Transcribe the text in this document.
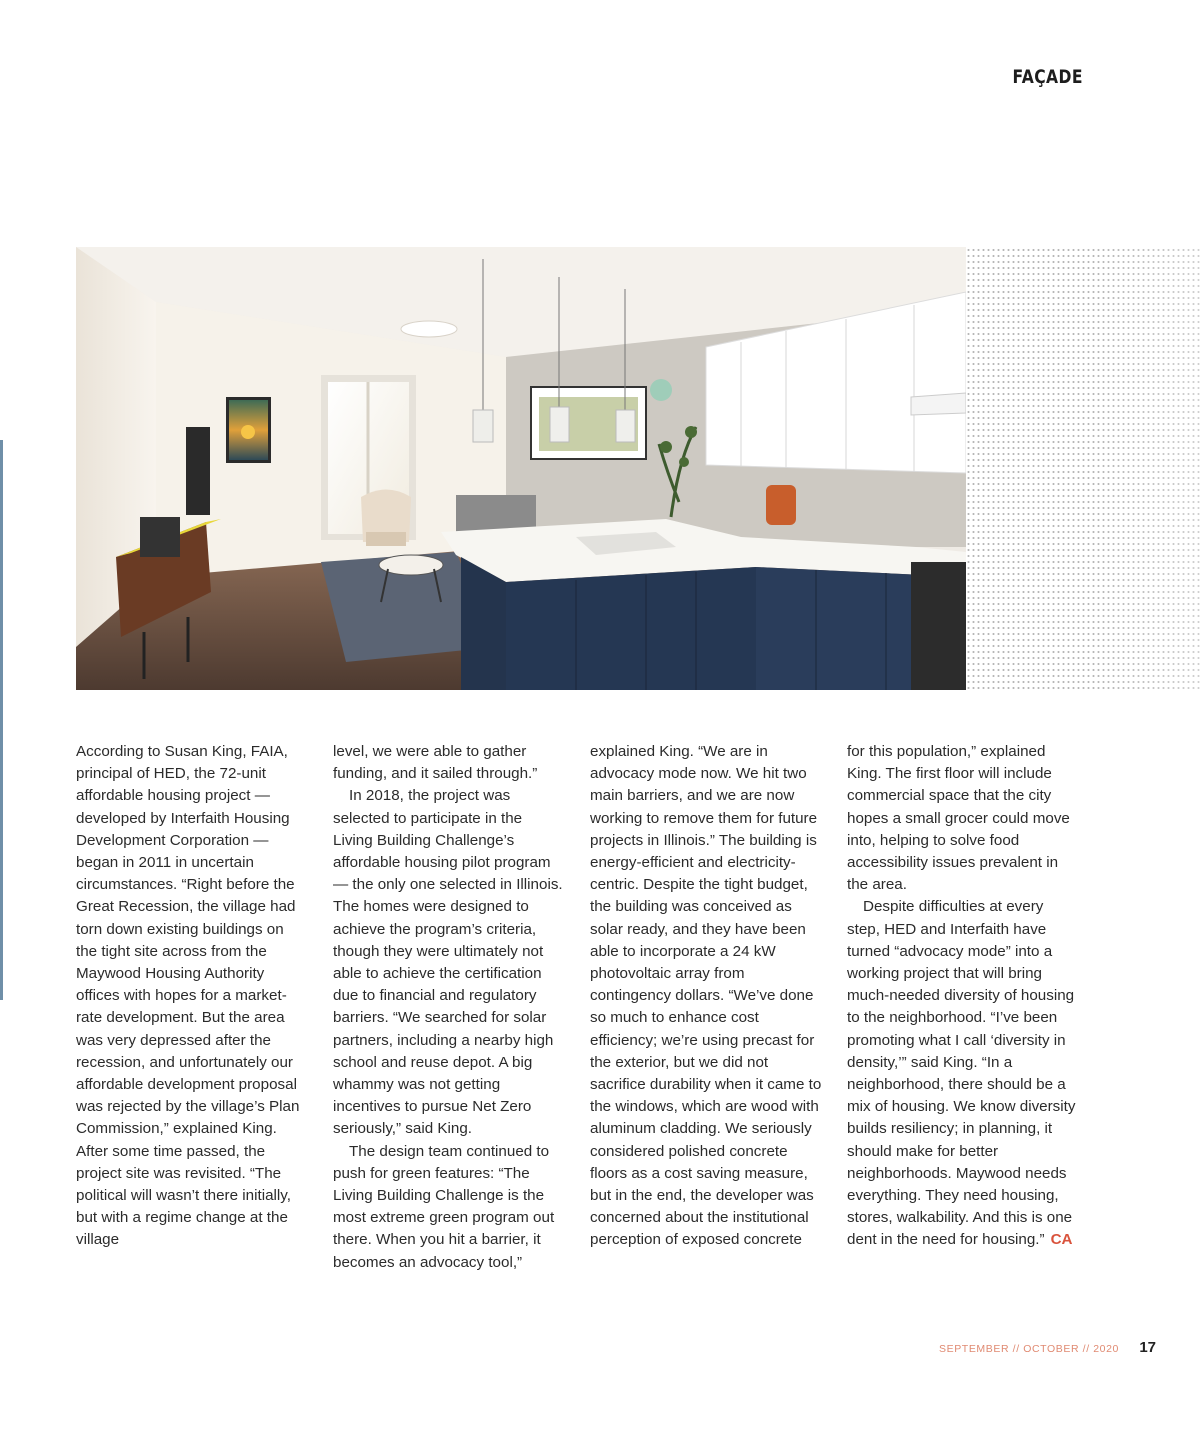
FAÇADE

According to Susan King, FAIA, principal of HED, the 72-unit affordable housing project — developed by Interfaith Housing Development Corporation — began in 2011 in uncertain circumstances. “Right before the Great Recession, the village had torn down existing buildings on the tight site across from the Maywood Housing Authority offices with hopes for a market-rate development. But the area was very depressed after the recession, and unfortunately our affordable development proposal was rejected by the village’s Plan Commission,” explained King. After some time passed, the project site was revisited. “The political will wasn’t there initially, but with a regime change at the village

level, we were able to gather funding, and it sailed through.”

In 2018, the project was selected to participate in the Living Building Challenge’s affordable housing pilot program — the only one selected in Illinois. The homes were designed to achieve the program’s criteria, though they were ultimately not able to achieve the certification due to financial and regulatory barriers. “We searched for solar partners, including a nearby high school and reuse depot. A big whammy was not getting incentives to pursue Net Zero seriously,” said King.

The design team continued to push for green features: “The Living Building Challenge is the most extreme green program out there. When you hit a barrier, it becomes an advocacy tool,”

explained King. “We are in advocacy mode now. We hit two main barriers, and we are now working to remove them for future projects in Illinois.” The building is energy-efficient and electricity-centric. Despite the tight budget, the building was conceived as solar ready, and they have been able to incorporate a 24 kW photovoltaic array from contingency dollars. “We’ve done so much to enhance cost efficiency; we’re using precast for the exterior, but we did not sacrifice durability when it came to the windows, which are wood with aluminum cladding. We seriously considered polished concrete floors as a cost saving measure, but in the end, the developer was concerned about the institutional perception of exposed concrete

for this population,” explained King. The first floor will include commercial space that the city hopes a small grocer could move into, helping to solve food accessibility issues prevalent in the area.

Despite difficulties at every step, HED and Interfaith have turned “advocacy mode” into a working project that will bring much-needed diversity of housing to the neighborhood. “I’ve been promoting what I call ‘diversity in density,’” said King. “In a neighborhood, there should be a mix of housing. We know diversity builds resiliency; in planning, it should make for better neighborhoods. Maywood needs everything. They need housing, stores, walkability. And this is one dent in the need for housing.” CA

SEPTEMBER // OCTOBER // 2020 17
